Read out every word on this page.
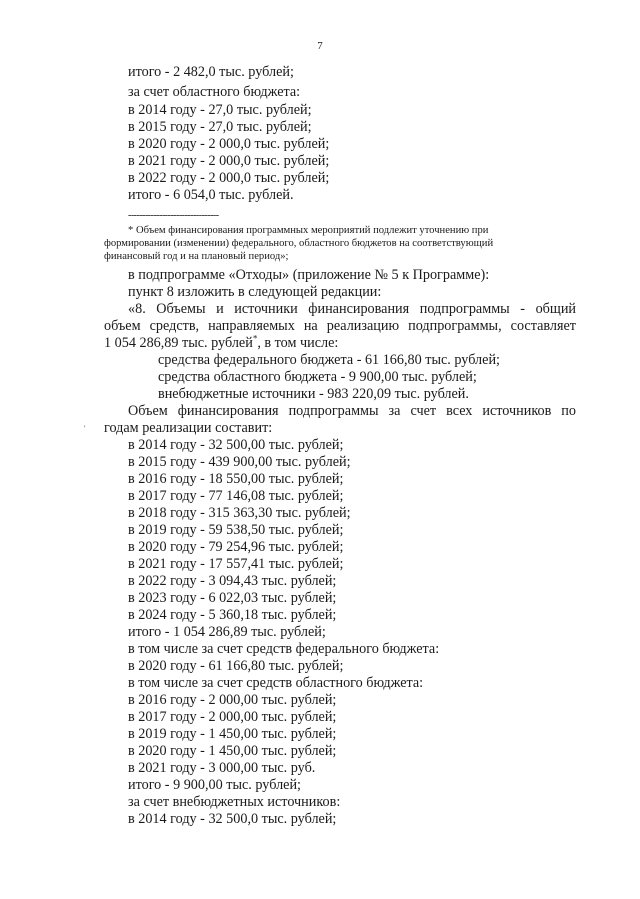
7
итого - 2 482,0 тыс. рублей;
за счет областного бюджета:
в 2014 году - 27,0 тыс. рублей;
в 2015 году - 27,0 тыс. рублей;
в 2020 году - 2 000,0 тыс. рублей;
в 2021 году - 2 000,0 тыс. рублей;
в 2022 году - 2 000,0 тыс. рублей;
итого - 6 054,0 тыс. рублей.
--------------------------------
* Объем финансирования программных мероприятий подлежит уточнению при
формировании (изменении) федерального, областного бюджетов на соответствующий
финансовый год и на плановый период»;
в подпрограмме «Отходы» (приложение № 5 к Программе):
пункт 8 изложить в следующей редакции:
«8. Объемы и источники финансирования подпрограммы - общий
объем средств, направляемых на реализацию подпрограммы, составляет
1 054 286,89 тыс. рублей*, в том числе:
средства федерального бюджета - 61 166,80 тыс. рублей;
средства областного бюджета - 9 900,00 тыс. рублей;
внебюджетные источники - 983 220,09 тыс. рублей.
Объем финансирования подпрограммы за счет всех источников по
годам реализации составит:
'
в 2014 году - 32 500,00 тыс. рублей;
в 2015 году - 439 900,00 тыс. рублей;
в 2016 году - 18 550,00 тыс. рублей;
в 2017 году - 77 146,08 тыс. рублей;
в 2018 году - 315 363,30 тыс. рублей;
в 2019 году - 59 538,50 тыс. рублей;
в 2020 году - 79 254,96 тыс. рублей;
в 2021 году - 17 557,41 тыс. рублей;
в 2022 году - 3 094,43 тыс. рублей;
в 2023 году - 6 022,03 тыс. рублей;
в 2024 году - 5 360,18 тыс. рублей;
итого - 1 054 286,89 тыс. рублей;
в том числе за счет средств федерального бюджета:
в 2020 году - 61 166,80 тыс. рублей;
в том числе за счет средств областного бюджета:
в 2016 году - 2 000,00 тыс. рублей;
в 2017 году - 2 000,00 тыс. рублей;
в 2019 году - 1 450,00 тыс. рублей;
в 2020 году - 1 450,00 тыс. рублей;
в 2021 году - 3 000,00 тыс. руб.
итого - 9 900,00 тыс. рублей;
за счет внебюджетных источников:
в 2014 году - 32 500,0 тыс. рублей;
